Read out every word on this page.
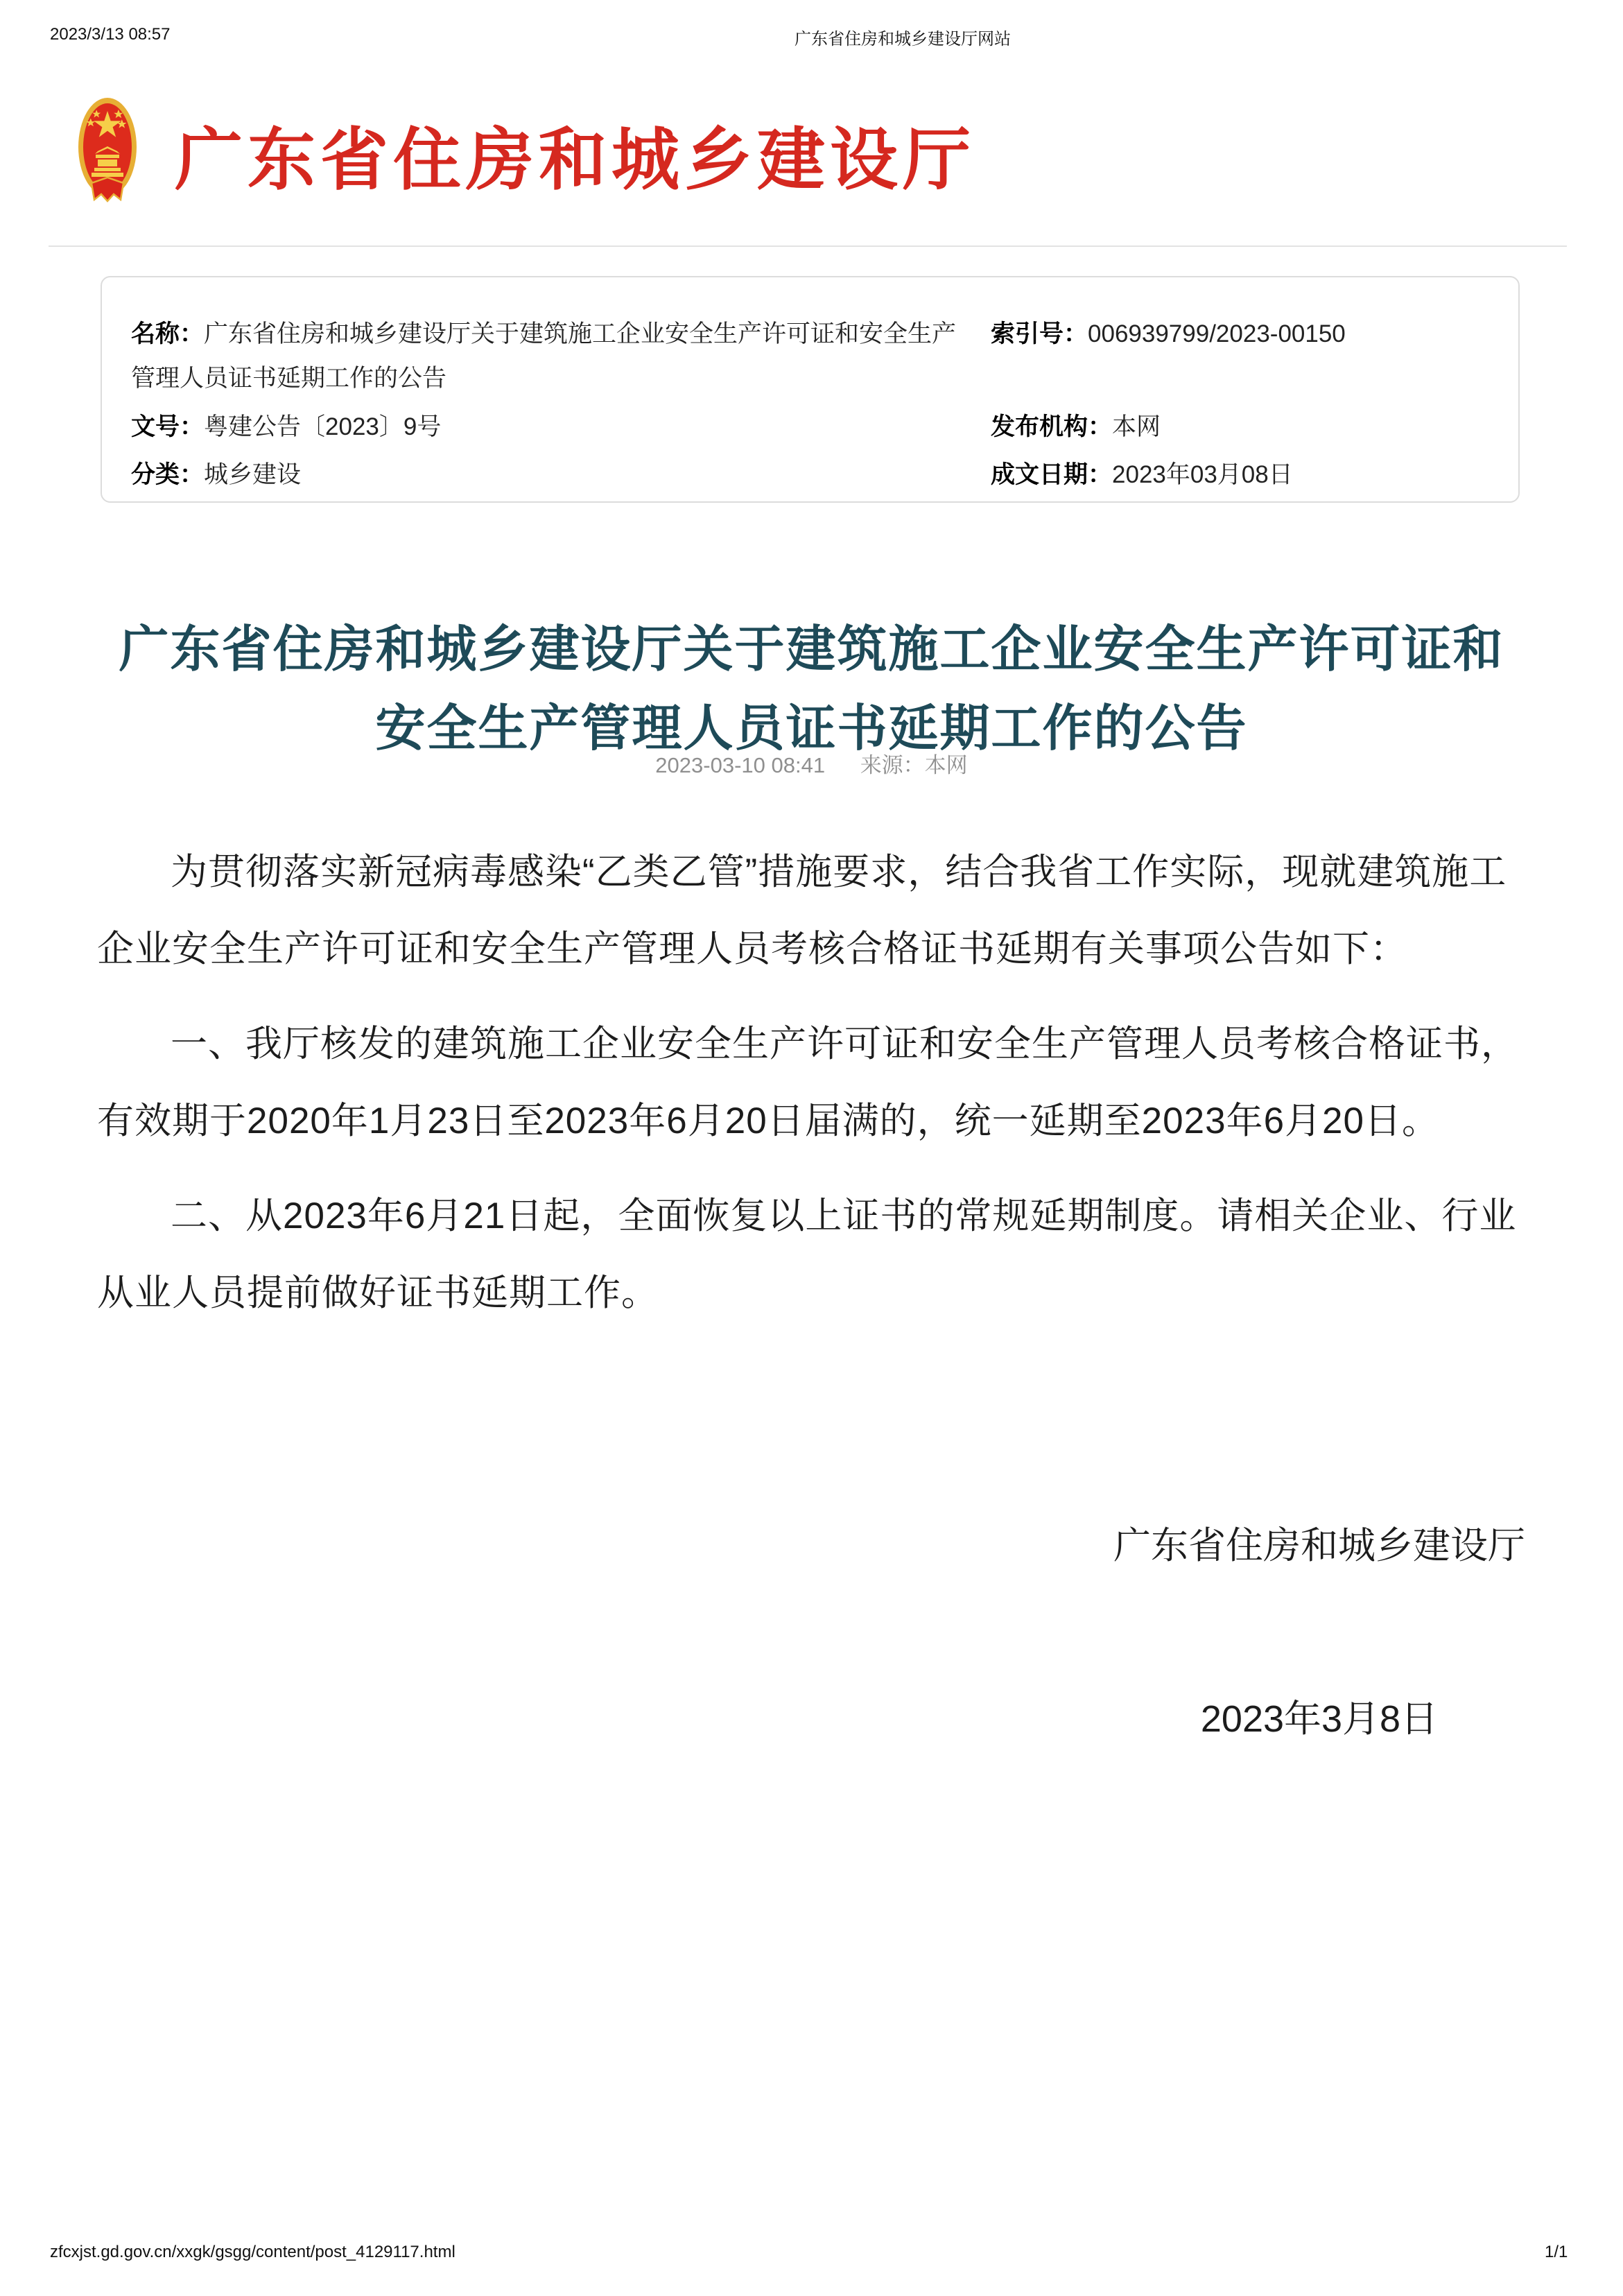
2023/3/13 08:57	广东省住房和城乡建设厅网站
广东省住房和城乡建设厅
名称：广东省住房和城乡建设厅关于建筑施工企业安全生产许可证和安全生产管理人员证书延期工作的公告
索引号：006939799/2023-00150
文号：粤建公告〔2023〕9号	发布机构：本网
分类：城乡建设	成文日期：2023年03月08日
广东省住房和城乡建设厅关于建筑施工企业安全生产许可证和安全生产管理人员证书延期工作的公告
2023-03-10 08:41 来源：本网

为贯彻落实新冠病毒感染“乙类乙管”措施要求，结合我省工作实际，现就建筑施工企业安全生产许可证和安全生产管理人员考核合格证书延期有关事项公告如下：

一、我厅核发的建筑施工企业安全生产许可证和安全生产管理人员考核合格证书，有效期于2020年1月23日至2023年6月20日届满的，统一延期至2023年6月20日。

二、从2023年6月21日起，全面恢复以上证书的常规延期制度。请相关企业、行业从业人员提前做好证书延期工作。

广东省住房和城乡建设厅
2023年3月8日
zfcxjst.gd.gov.cn/xxgk/gsgg/content/post_4129117.html	1/1
